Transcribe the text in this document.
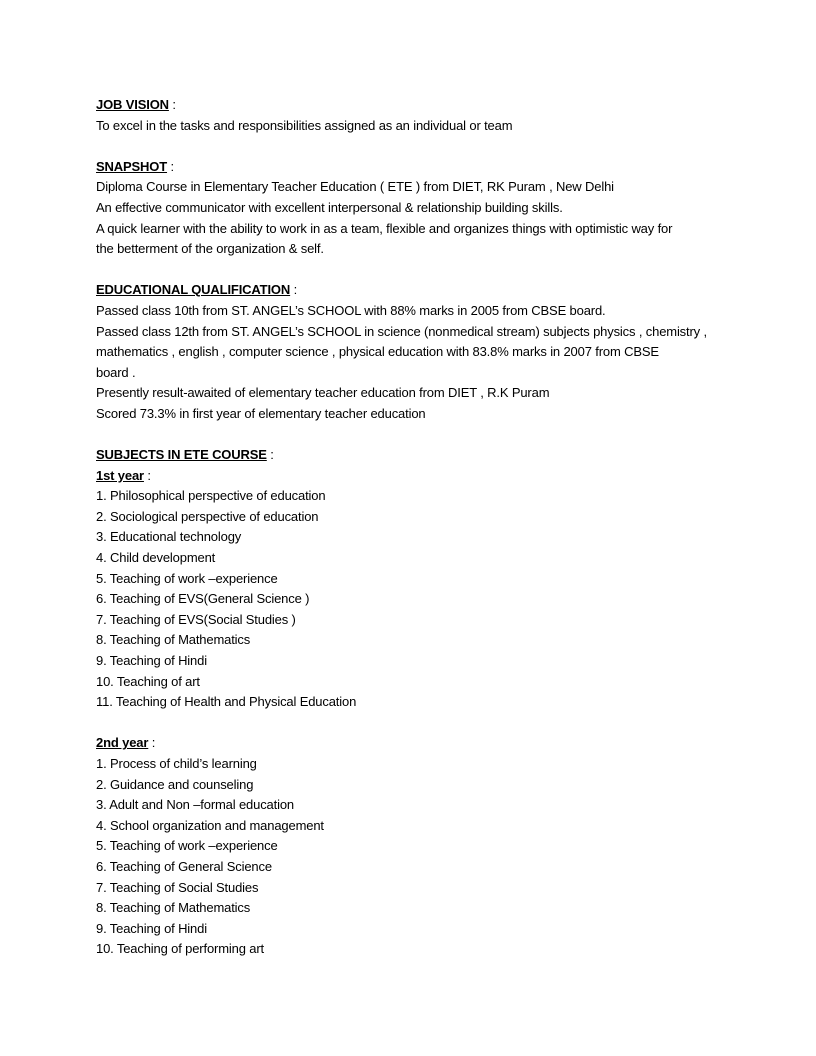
JOB VISION :
To excel in the tasks and responsibilities assigned as an individual or team
SNAPSHOT :
Diploma Course in Elementary Teacher Education ( ETE ) from DIET, RK Puram , New Delhi
An effective communicator with excellent interpersonal & relationship building skills.
A quick learner with the ability to work in as a team, flexible and organizes things with optimistic way for
the betterment of the organization & self.
EDUCATIONAL QUALIFICATION :
Passed class 10th from ST. ANGEL’s SCHOOL with 88% marks in 2005 from CBSE board.
Passed class 12th from ST. ANGEL’s SCHOOL in science (nonmedical stream) subjects physics , chemistry ,
mathematics , english , computer science , physical education with 83.8% marks in 2007 from CBSE
board .
Presently result-awaited of elementary teacher education from DIET , R.K Puram
Scored 73.3% in first year of elementary teacher education
SUBJECTS IN ETE COURSE :
1st year :
1. Philosophical perspective of education
2. Sociological perspective of education
3. Educational technology
4. Child development
5. Teaching of work –experience
6. Teaching of EVS(General Science )
7. Teaching of EVS(Social Studies )
8. Teaching of Mathematics
9. Teaching of Hindi
10. Teaching of art
11. Teaching of Health and Physical Education
2nd year :
1. Process of child’s learning
2. Guidance and counseling
3. Adult and Non –formal education
4. School organization and management
5. Teaching of work –experience
6. Teaching of General Science
7. Teaching of Social Studies
8. Teaching of Mathematics
9. Teaching of Hindi
10. Teaching of performing art
